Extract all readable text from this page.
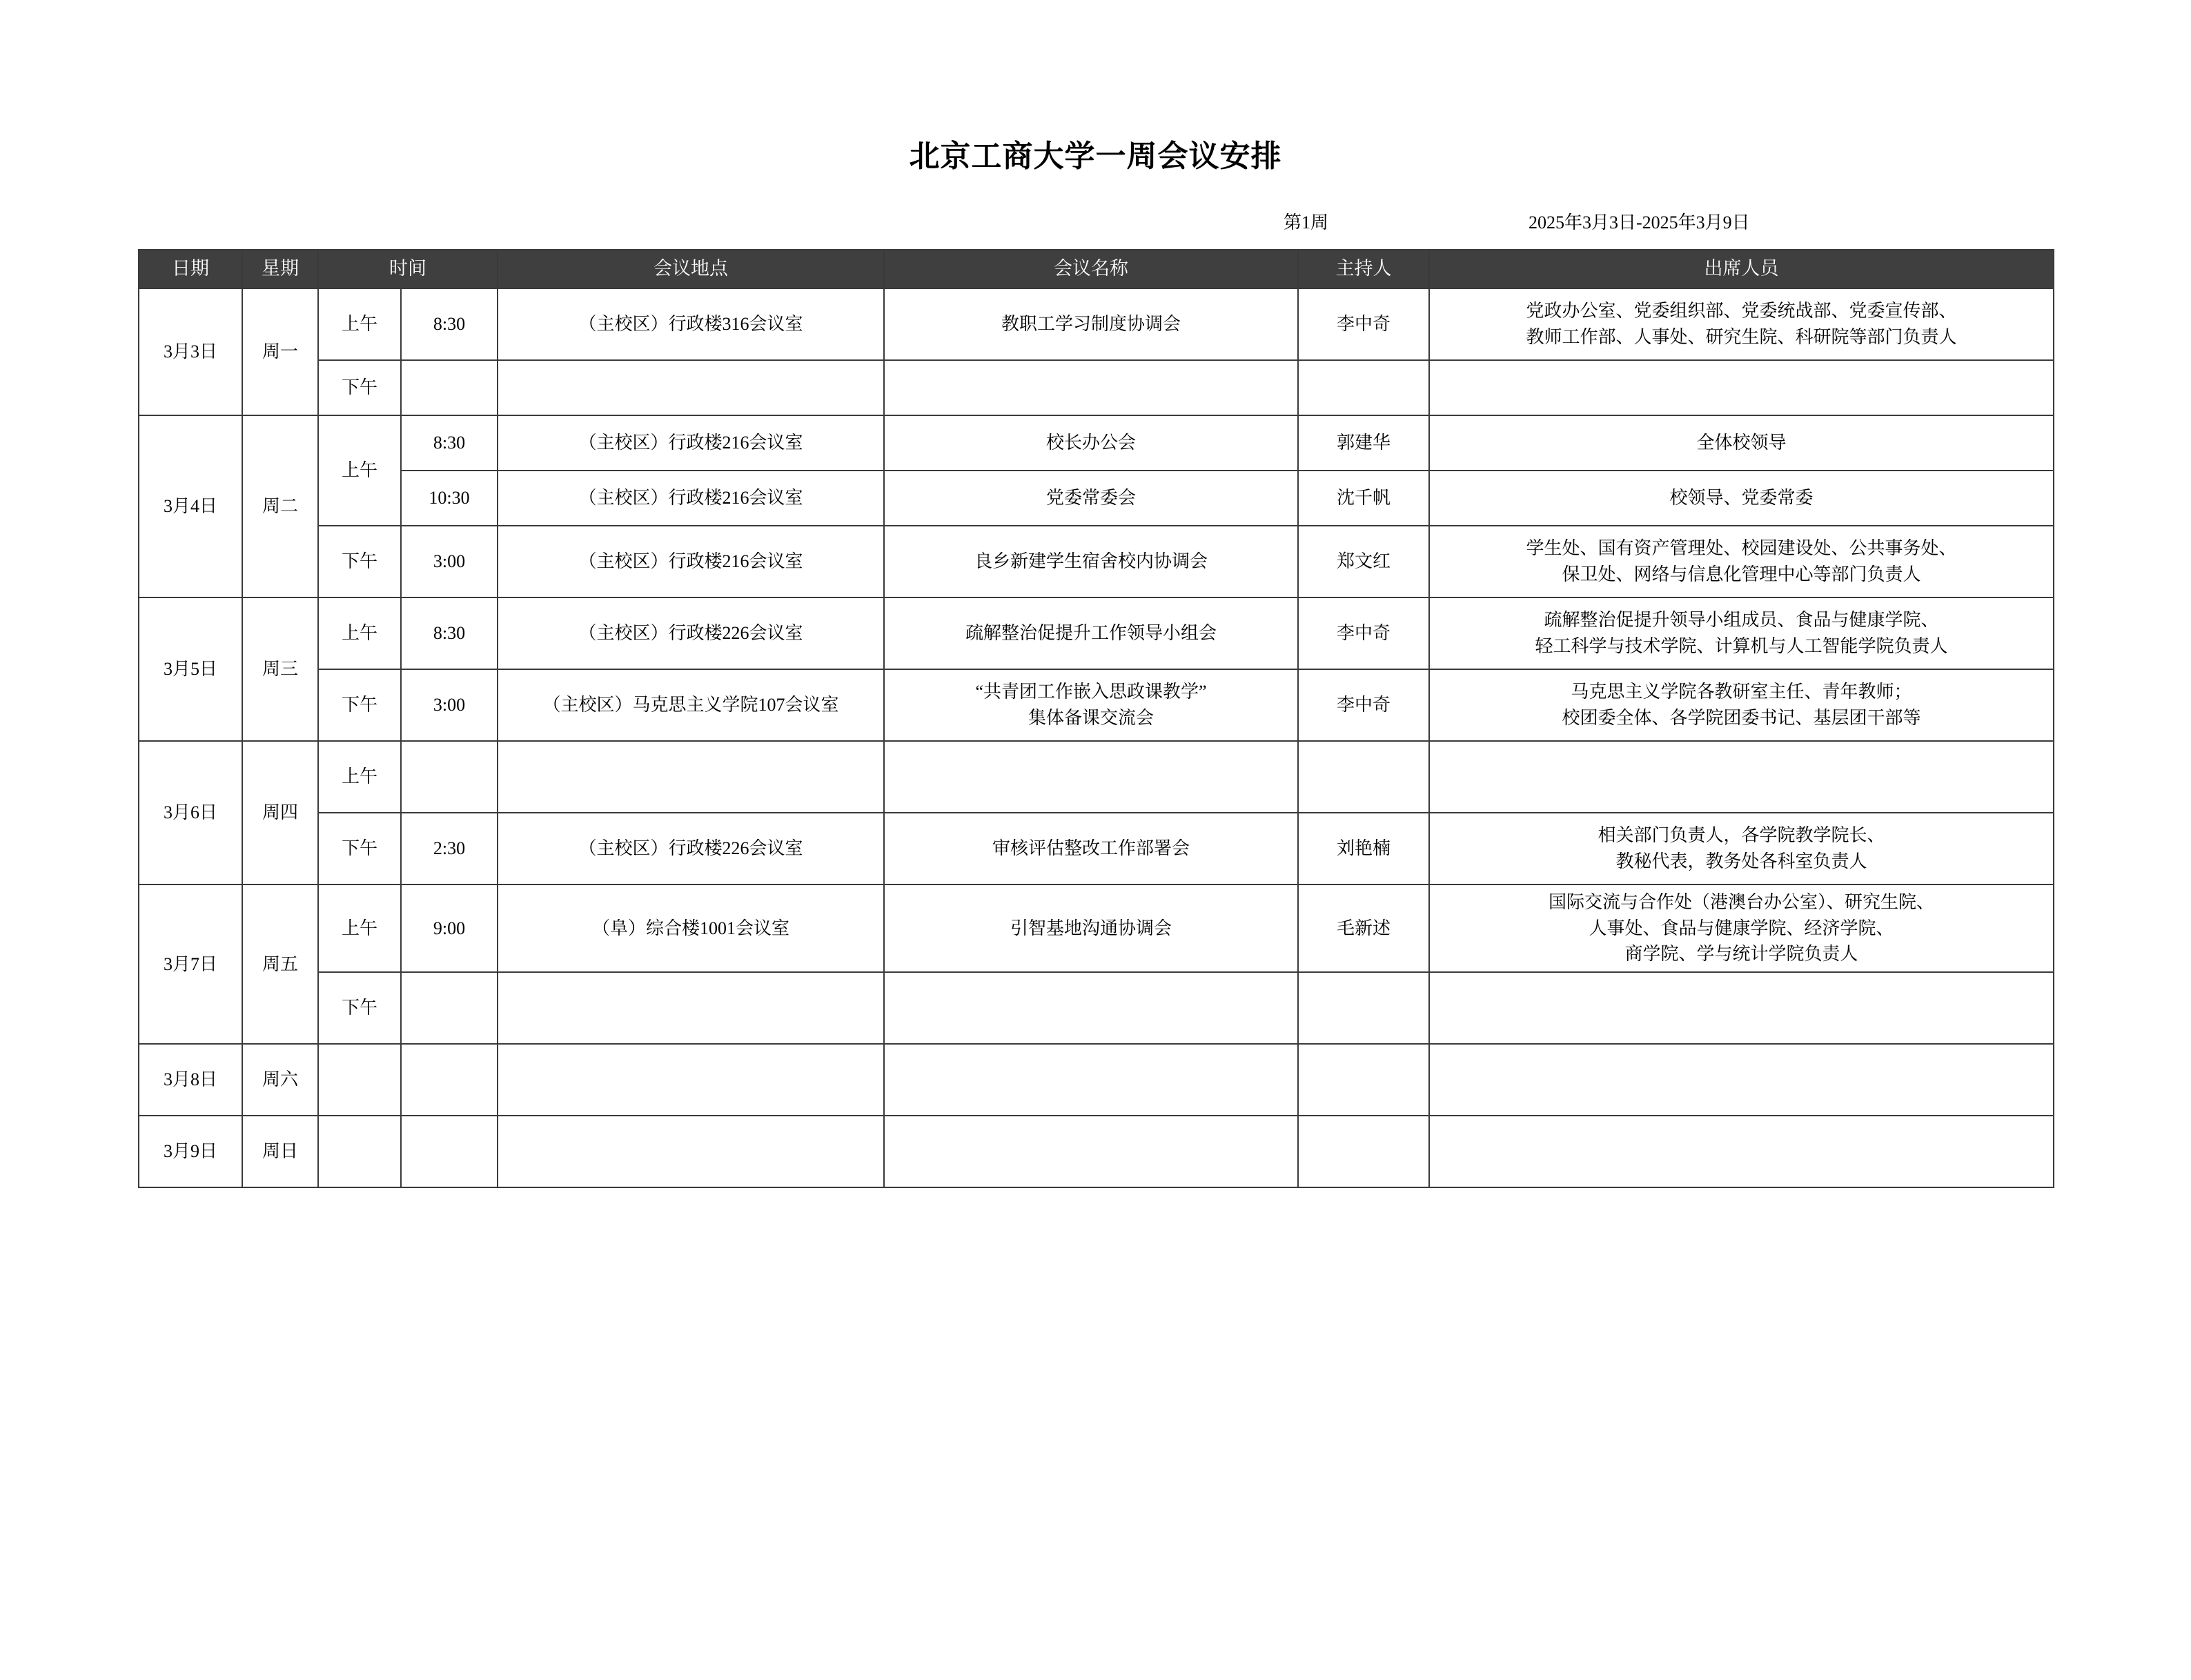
北京工商大学一周会议安排
第1周	2025年3月3日-2025年3月9日
日期	星期	时间		会议地点	会议名称	主持人	出席人员
3月3日	周一	上午	8:30	（主校区）行政楼316会议室	教职工学习制度协调会	李中奇	党政办公室、党委组织部、党委统战部、党委宣传部、
教师工作部、人事处、研究生院、科研院等部门负责人

		下午					
3月4日	周二	上午	8:30	（主校区）行政楼216会议室	校长办公会	郭建华	全体校领导
			10:30	（主校区）行政楼216会议室	党委常委会	沈千帆	校领导、党委常委
		下午	3:00	（主校区）行政楼216会议室	良乡新建学生宿舍校内协调会	郑文红	学生处、国有资产管理处、校园建设处、公共事务处、
保卫处、网络与信息化管理中心等部门负责人

3月5日	周三	上午	8:30	（主校区）行政楼226会议室	疏解整治促提升工作领导小组会	李中奇	疏解整治促提升领导小组成员、食品与健康学院、
轻工科学与技术学院、计算机与人工智能学院负责人

		下午	3:00	（主校区）马克思主义学院107会议室	“共青团工作嵌入思政课教学”
集体备课交流会	李中奇	马克思主义学院各教研室主任、青年教师；
校团委全体、各学院团委书记、基层团干部等

3月6日	周四	上午					
		下午	2:30	（主校区）行政楼226会议室	审核评估整改工作部署会	刘艳楠	相关部门负责人，各学院教学院长、
教秘代表，教务处各科室负责人

3月7日	周五	上午	9:00	（阜）综合楼1001会议室	引智基地沟通协调会	毛新述	国际交流与合作处（港澳台办公室）、研究生院、
人事处、食品与健康学院、经济学院、
商学院、学与统计学院负责人

		下午					
3月8日	周六						
3月9日	周日						
